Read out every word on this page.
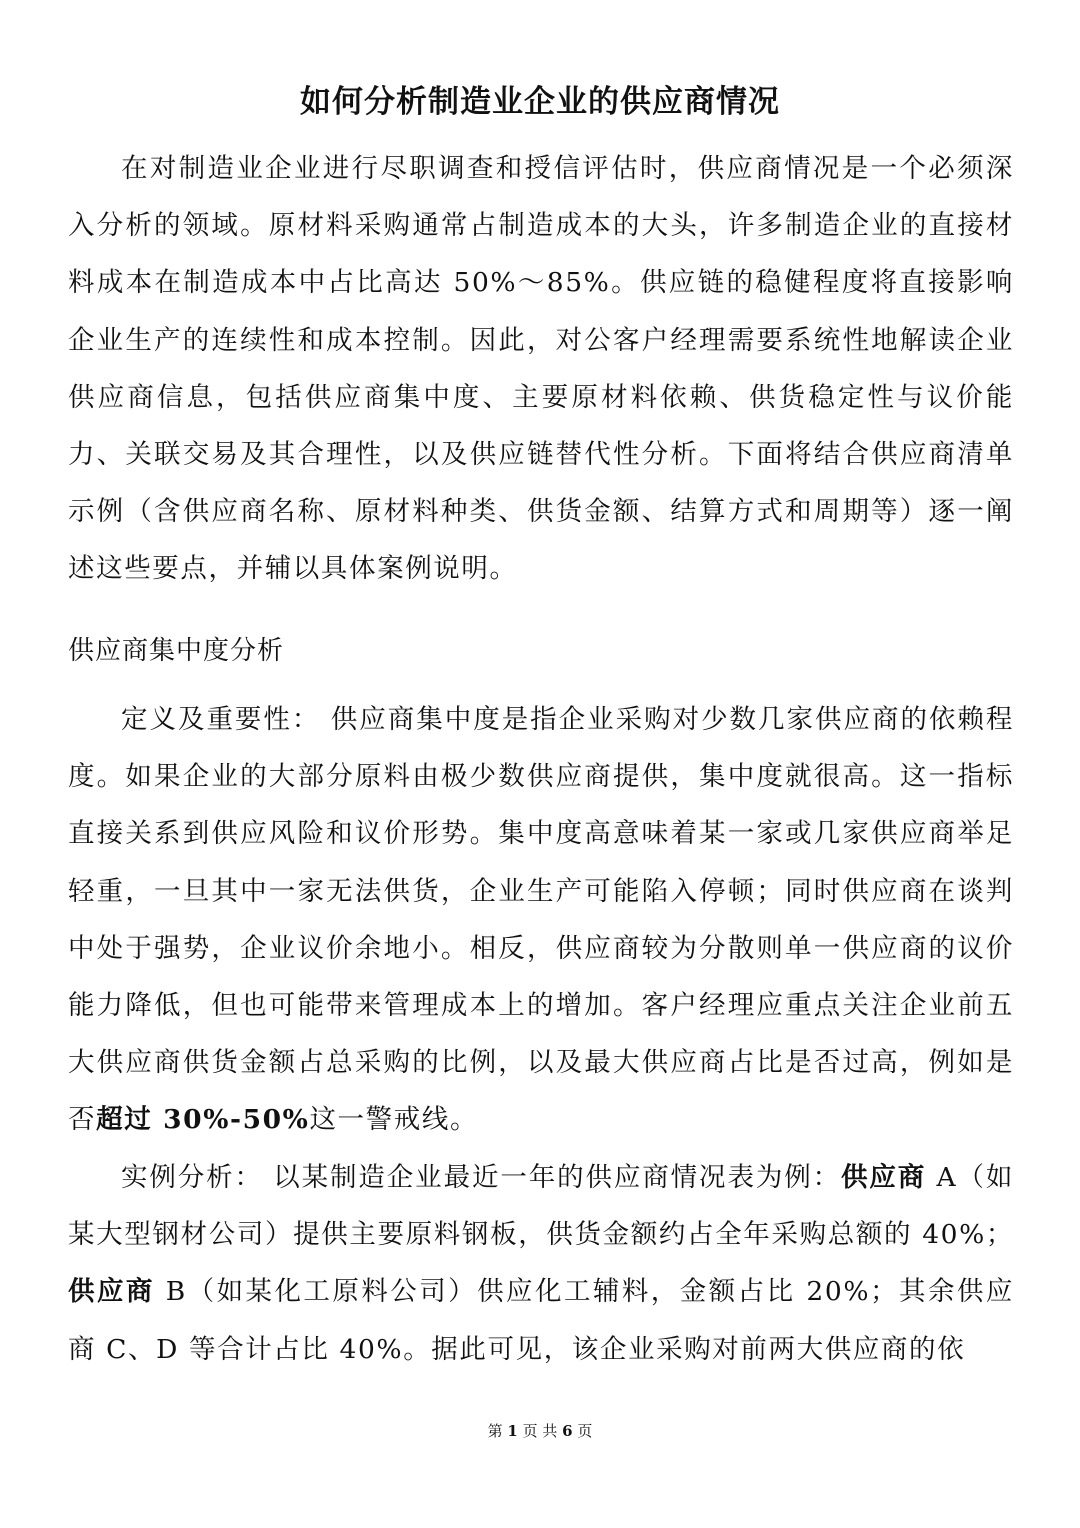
如何分析制造业企业的供应商情况

在对制造业企业进行尽职调查和授信评估时，供应商情况是一个必须深入分析的领域。原材料采购通常占制造成本的大头，许多制造企业的直接材料成本在制造成本中占比高达 50%～85%。供应链的稳健程度将直接影响企业生产的连续性和成本控制。因此，对公客户经理需要系统性地解读企业供应商信息，包括供应商集中度、主要原材料依赖、供货稳定性与议价能力、关联交易及其合理性，以及供应链替代性分析。下面将结合供应商清单示例（含供应商名称、原材料种类、供货金额、结算方式和周期等）逐一阐述这些要点，并辅以具体案例说明。

供应商集中度分析

定义及重要性： 供应商集中度是指企业采购对少数几家供应商的依赖程度。如果企业的大部分原料由极少数供应商提供，集中度就很高。这一指标直接关系到供应风险和议价形势。集中度高意味着某一家或几家供应商举足轻重，一旦其中一家无法供货，企业生产可能陷入停顿；同时供应商在谈判中处于强势，企业议价余地小。相反，供应商较为分散则单一供应商的议价能力降低，但也可能带来管理成本上的增加。客户经理应重点关注企业前五大供应商供货金额占总采购的比例，以及最大供应商占比是否过高，例如是否超过 30%-50%这一警戒线。

实例分析： 以某制造企业最近一年的供应商情况表为例：供应商 A（如某大型钢材公司）提供主要原料钢板，供货金额约占全年采购总额的 40%；供应商 B（如某化工原料公司）供应化工辅料，金额占比 20%；其余供应商 C、D 等合计占比 40%。据此可见，该企业采购对前两大供应商的依

第 1 页 共 6 页
